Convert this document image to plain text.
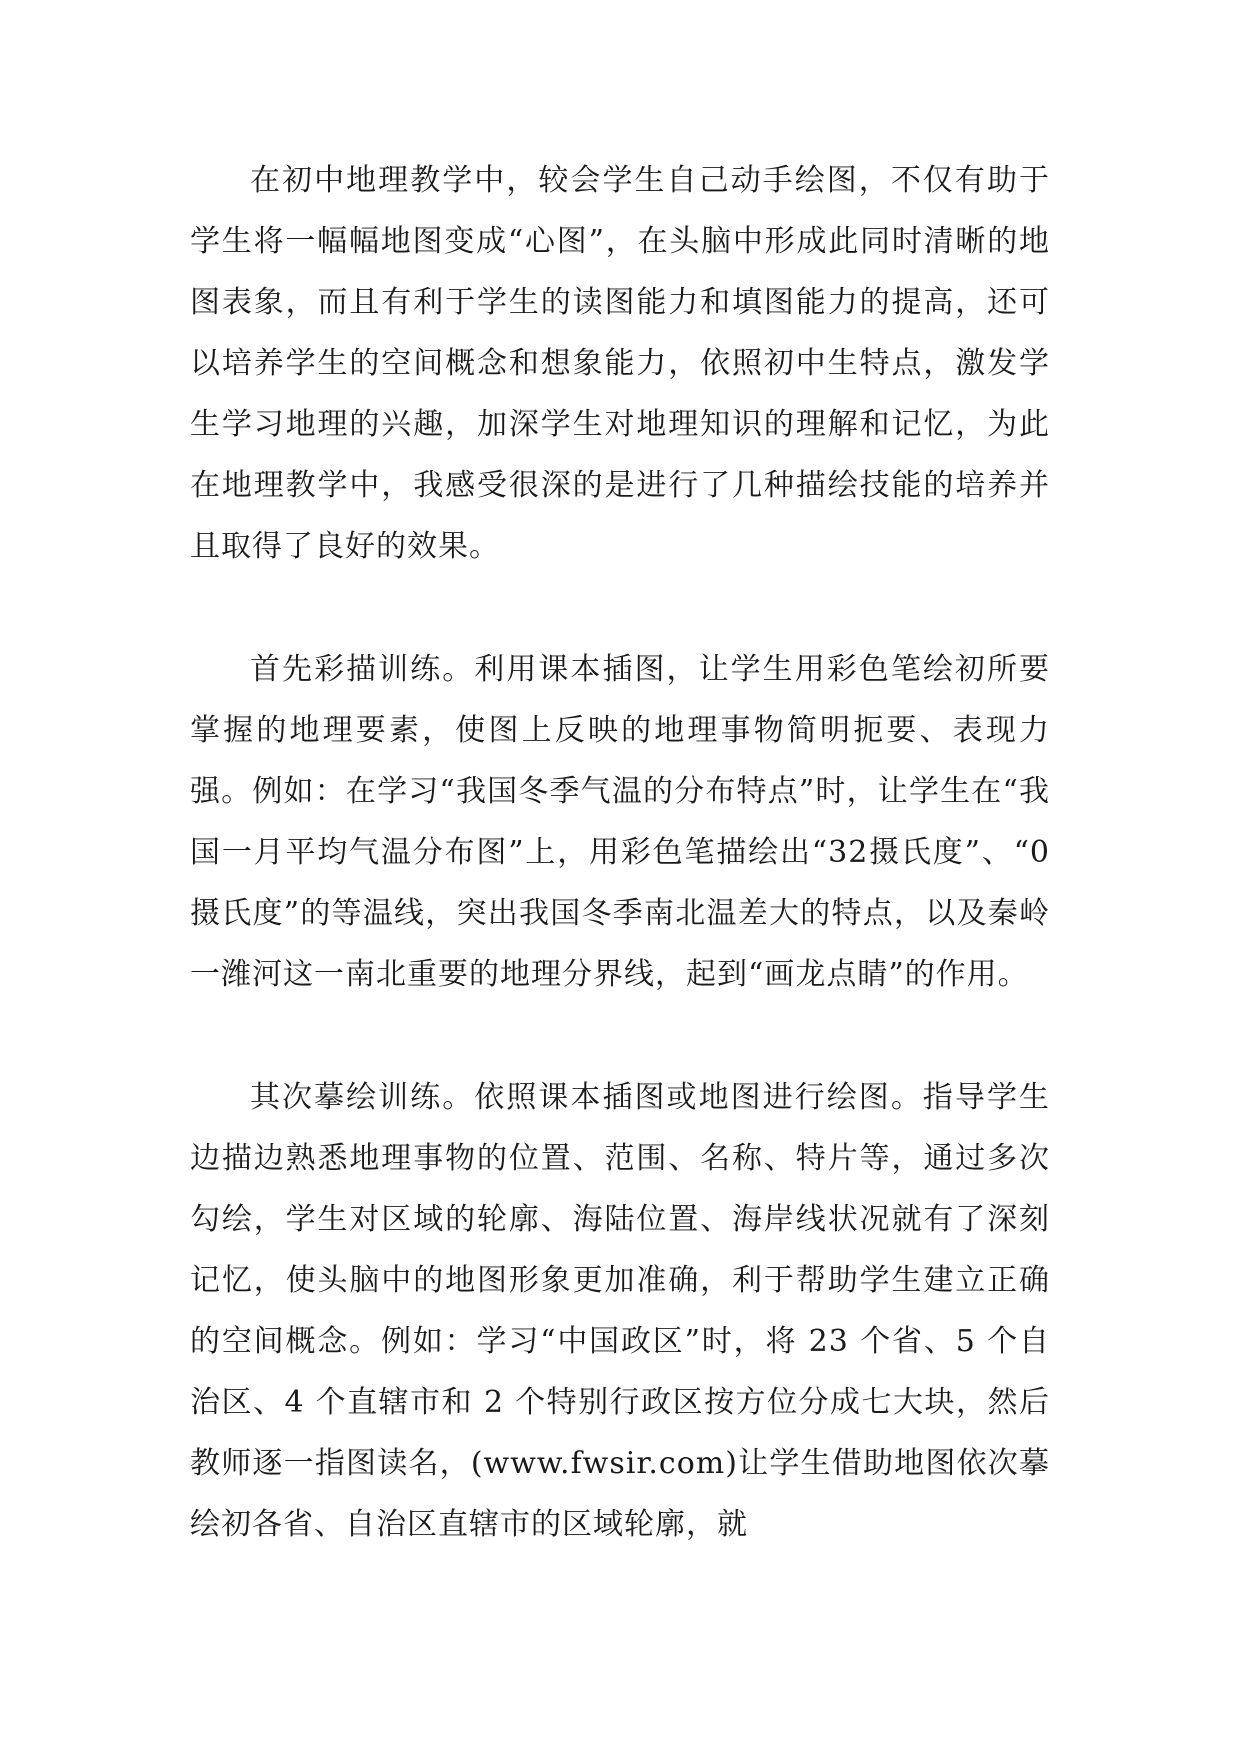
在初中地理教学中，较会学生自己动手绘图，不仅有助于学生将一幅幅地图变成“心图”，在头脑中形成此同时清晰的地图表象，而且有利于学生的读图能力和填图能力的提高，还可以培养学生的空间概念和想象能力，依照初中生特点，激发学生学习地理的兴趣，加深学生对地理知识的理解和记忆，为此在地理教学中，我感受很深的是进行了几种描绘技能的培养并且取得了良好的效果。

首先彩描训练。利用课本插图，让学生用彩色笔绘初所要掌握的地理要素，使图上反映的地理事物简明扼要、表现力强。例如：在学习“我国冬季气温的分布特点”时，让学生在“我国一月平均气温分布图”上，用彩色笔描绘出“32摄氏度”、“0摄氏度”的等温线，突出我国冬季南北温差大的特点，以及秦岭一潍河这一南北重要的地理分界线，起到“画龙点睛”的作用。

其次摹绘训练。依照课本插图或地图进行绘图。指导学生边描边熟悉地理事物的位置、范围、名称、特片等，通过多次勾绘，学生对区域的轮廓、海陆位置、海岸线状况就有了深刻记忆，使头脑中的地图形象更加准确，利于帮助学生建立正确的空间概念。例如：学习“中国政区”时，将 23 个省、5 个自治区、4 个直辖市和 2 个特别行政区按方位分成七大块，然后教师逐一指图读名，(www.fwsir.com)让学生借助地图依次摹绘初各省、自治区直辖市的区域轮廓，就
